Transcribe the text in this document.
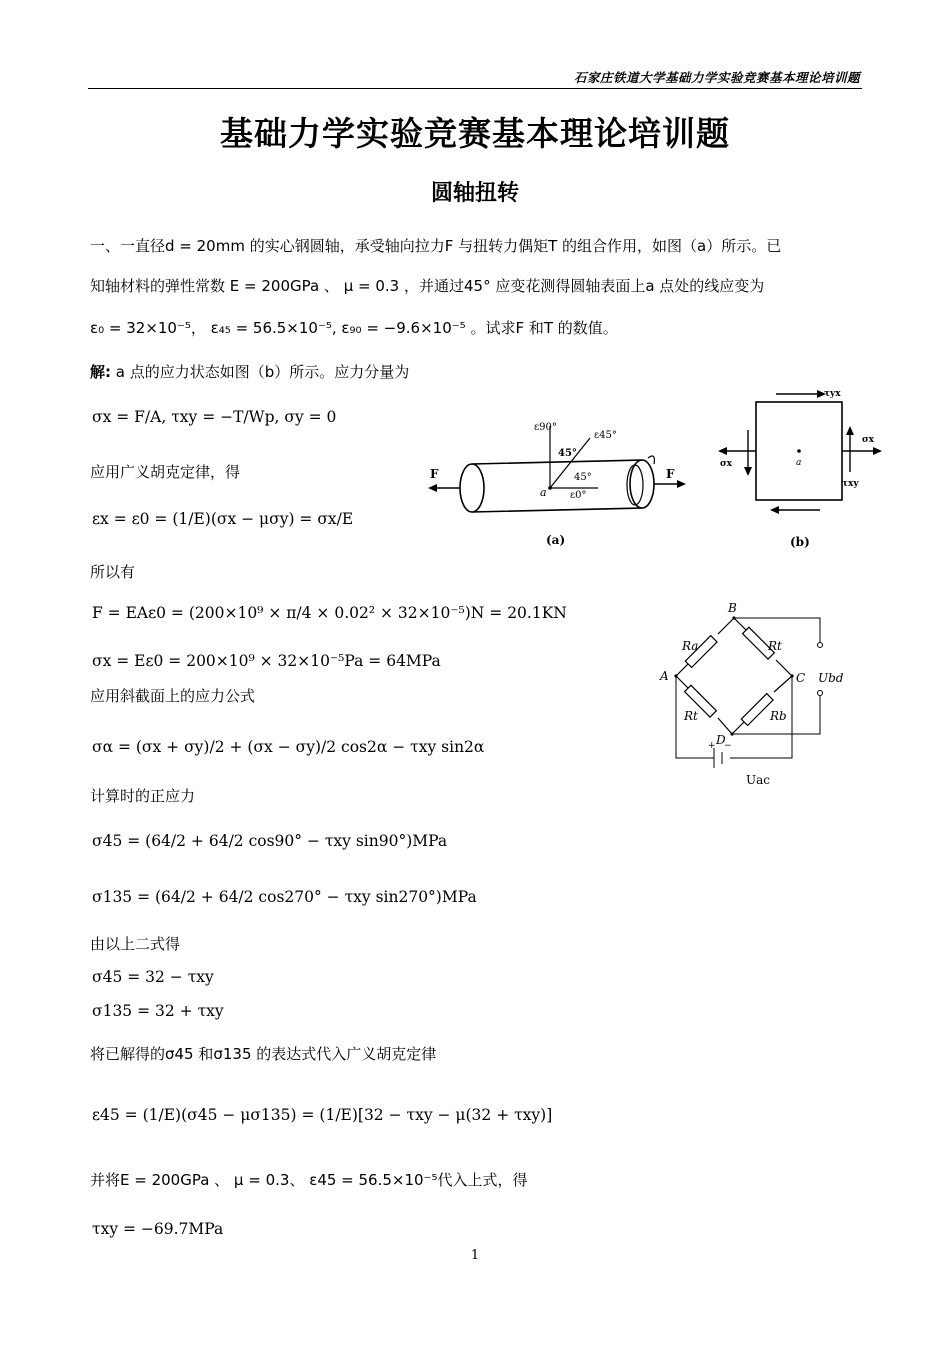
石家庄铁道大学基础力学实验竞赛基本理论培训题
基础力学实验竞赛基本理论培训题
圆轴扭转
一、一直径d = 20mm 的实心钢圆轴，承受轴向拉力F 与扭转力偶矩T 的组合作用，如图（a）所示。已
知轴材料的弹性常数 E = 200GPa 、 μ = 0.3 ，并通过45° 应变花测得圆轴表面上a 点处的线应变为
ε₀ = 32×10⁻⁵， ε₄₅ = 56.5×10⁻⁵, ε₉₀ = −9.6×10⁻⁵ 。试求F 和T 的数值。
解: a 点的应力状态如图（b）所示。应力分量为
σx = F/A, τxy = −T/Wp, σy = 0
应用广义胡克定律，得
εx = ε0 = (1/E)(σx − μσy) = σx/E
所以有
F = EAε0 = (200×10⁹ × π/4 × 0.02² × 32×10⁻⁵)N = 20.1KN
σx = Eε0 = 200×10⁹ × 32×10⁻⁵Pa = 64MPa
应用斜截面上的应力公式
σα = (σx + σy)/2 + (σx − σy)/2 cos2α − τxy sin2α
计算时的正应力
σ45 = (64/2 + 64/2 cos90° − τxy sin90°)MPa
σ135 = (64/2 + 64/2 cos270° − τxy sin270°)MPa
由以上二式得
σ45 = 32 − τxy
σ135 = 32 + τxy
将已解得的σ45 和σ135 的表达式代入广义胡克定律
ε45 = (1/E)(σ45 − μσ135) = (1/E)[32 − τxy − μ(32 + τxy)]
并将E = 200GPa 、 μ = 0.3、 ε45 = 56.5×10⁻⁵代入上式，得
τxy = −69.7MPa
ε90°
ε45°
45°
45°
ε0°
a
F	F
(a)
a
τyx
τxy
σx
σx
(b)
B
A	C
D
Ra	Rt
Rt	Rb
Ubd
Uac
+ −
1
